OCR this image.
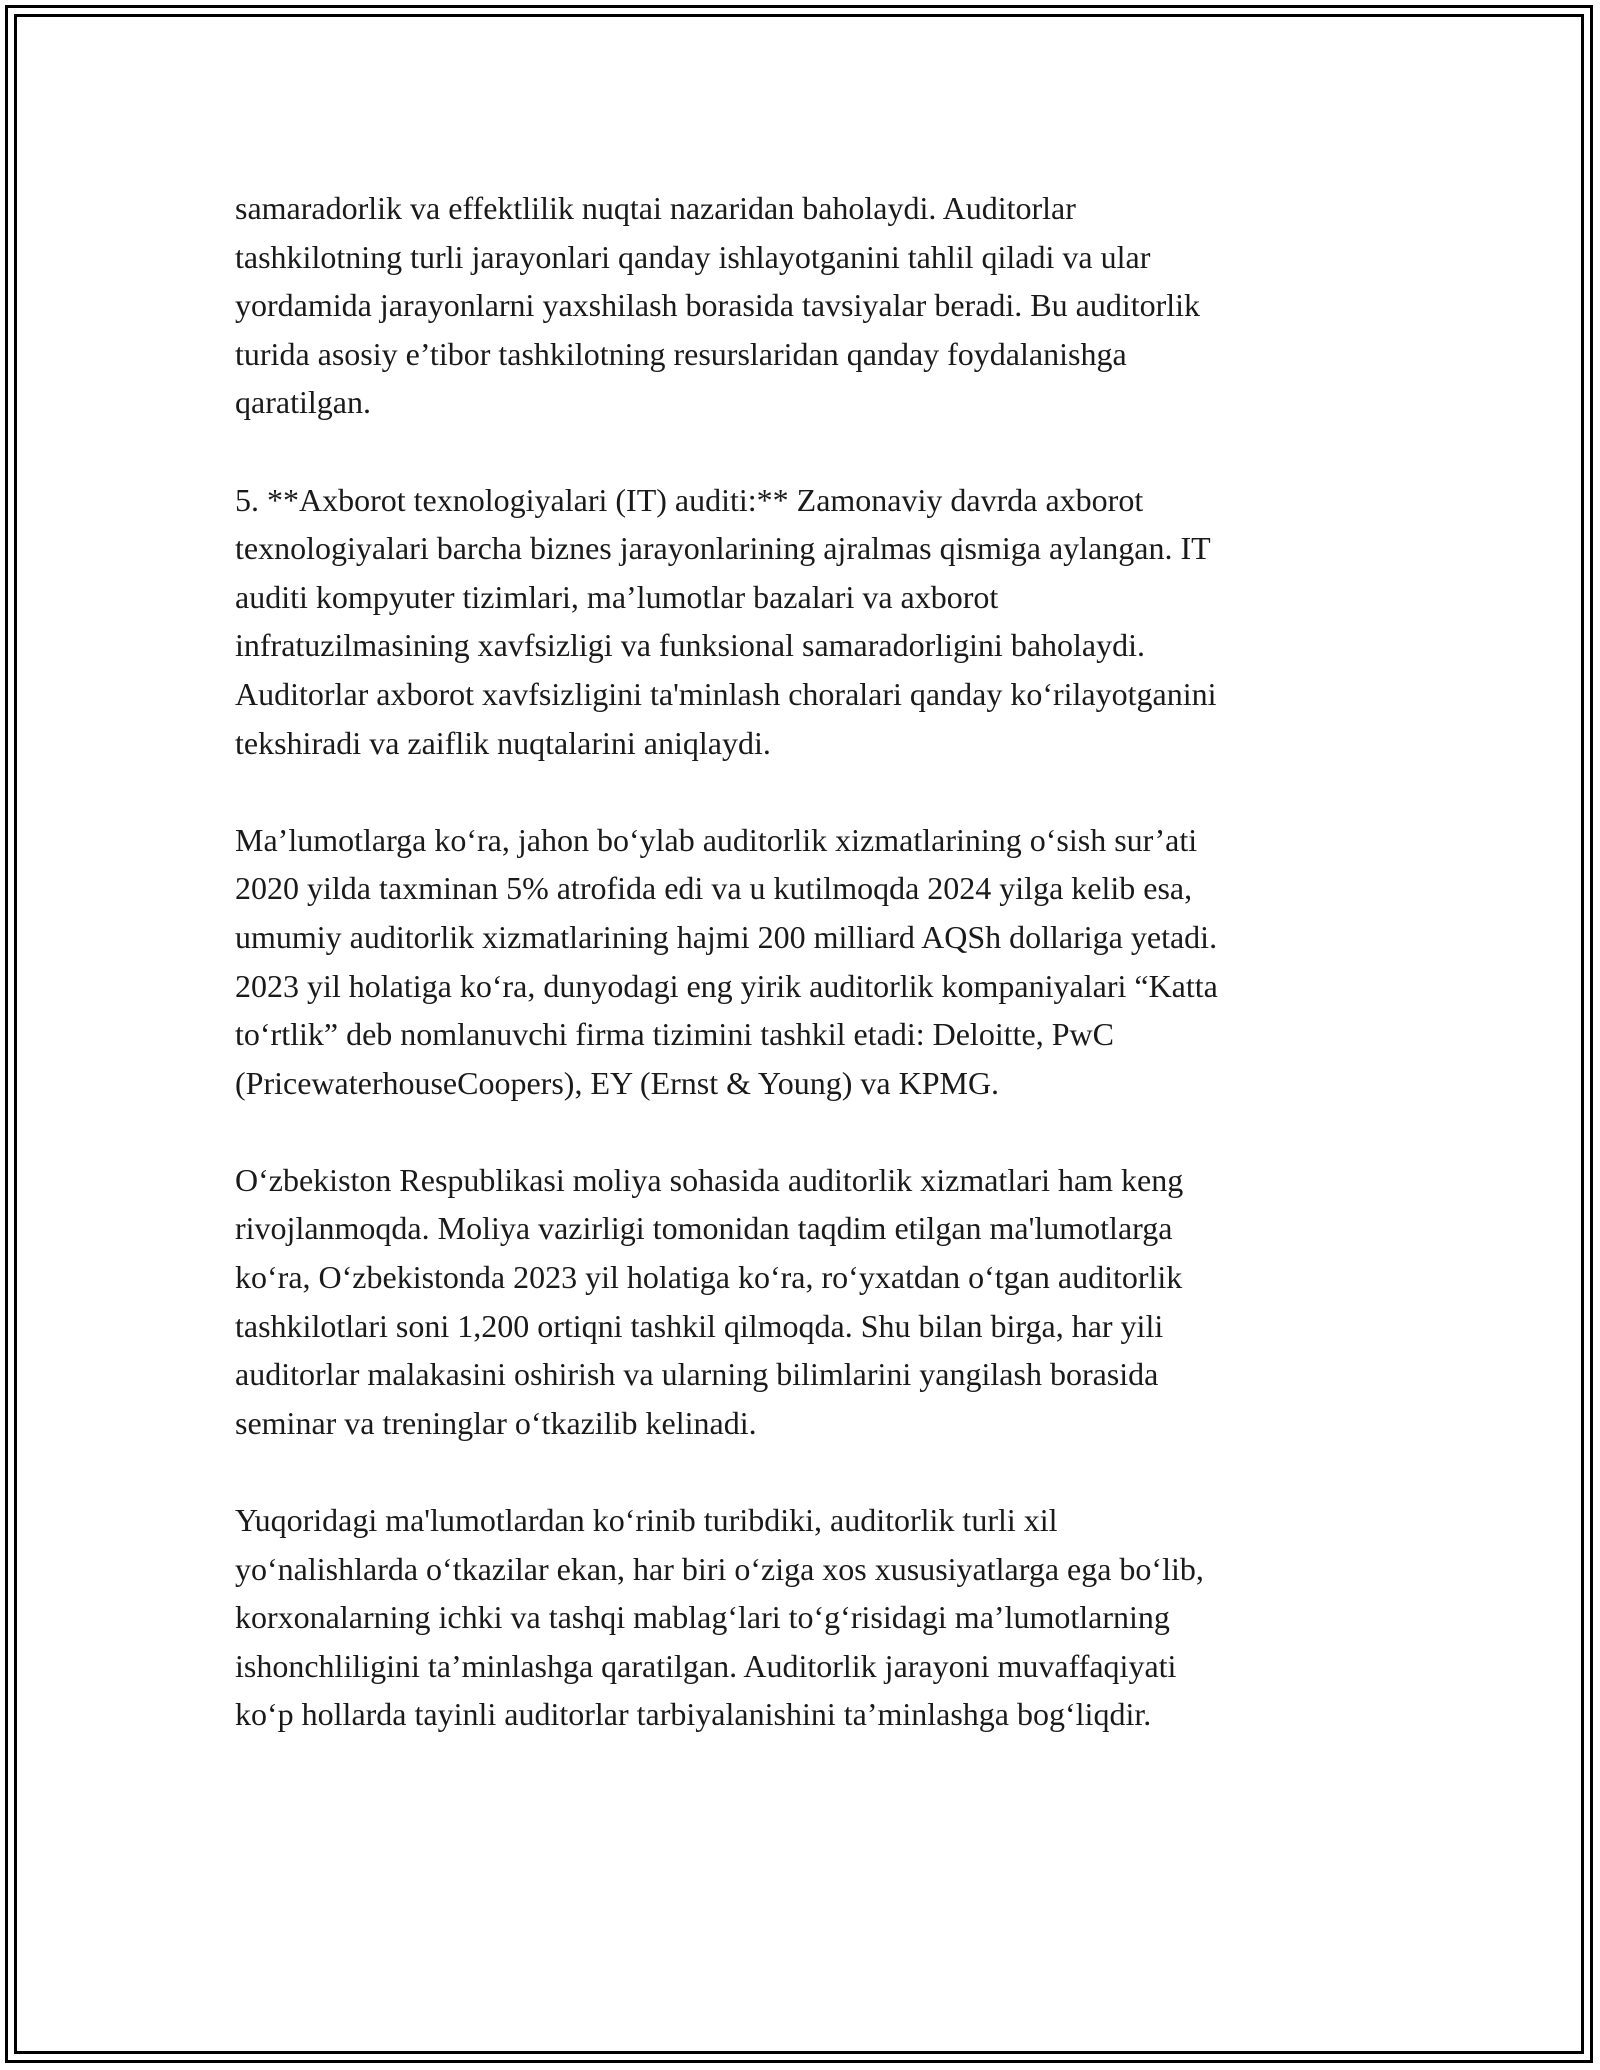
samaradorlik va effektlilik nuqtai nazaridan baholaydi. Auditorlar
tashkilotning turli jarayonlari qanday ishlayotganini tahlil qiladi va ular
yordamida jarayonlarni yaxshilash borasida tavsiyalar beradi. Bu auditorlik
turida asosiy e’tibor tashkilotning resurslaridan qanday foydalanishga
qaratilgan.

5. **Axborot texnologiyalari (IT) auditi:** Zamonaviy davrda axborot
texnologiyalari barcha biznes jarayonlarining ajralmas qismiga aylangan. IT
auditi kompyuter tizimlari, ma’lumotlar bazalari va axborot
infratuzilmasining xavfsizligi va funksional samaradorligini baholaydi.
Auditorlar axborot xavfsizligini ta'minlash choralari qanday koʻrilayotganini
tekshiradi va zaiflik nuqtalarini aniqlaydi.

Ma’lumotlarga koʻra, jahon boʻylab auditorlik xizmatlarining oʻsish sur’ati
2020 yilda taxminan 5% atrofida edi va u kutilmoqda 2024 yilga kelib esa,
umumiy auditorlik xizmatlarining hajmi 200 milliard AQSh dollariga yetadi.
2023 yil holatiga koʻra, dunyodagi eng yirik auditorlik kompaniyalari “Katta
toʻrtlik” deb nomlanuvchi firma tizimini tashkil etadi: Deloitte, PwC
(PricewaterhouseCoopers), EY (Ernst & Young) va KPMG.

Oʻzbekiston Respublikasi moliya sohasida auditorlik xizmatlari ham keng
rivojlanmoqda. Moliya vazirligi tomonidan taqdim etilgan ma'lumotlarga
koʻra, Oʻzbekistonda 2023 yil holatiga koʻra, roʻyxatdan oʻtgan auditorlik
tashkilotlari soni 1,200 ortiqni tashkil qilmoqda. Shu bilan birga, har yili
auditorlar malakasini oshirish va ularning bilimlarini yangilash borasida
seminar va treninglar oʻtkazilib kelinadi.

Yuqoridagi ma'lumotlardan koʻrinib turibdiki, auditorlik turli xil
yoʻnalishlarda oʻtkazilar ekan, har biri oʻziga xos xususiyatlarga ega boʻlib,
korxonalarning ichki va tashqi mablagʻlari toʻgʻrisidagi ma’lumotlarning
ishonchliligini ta’minlashga qaratilgan. Auditorlik jarayoni muvaffaqiyati
koʻp hollarda tayinli auditorlar tarbiyalanishini ta’minlashga bogʻliqdir.
